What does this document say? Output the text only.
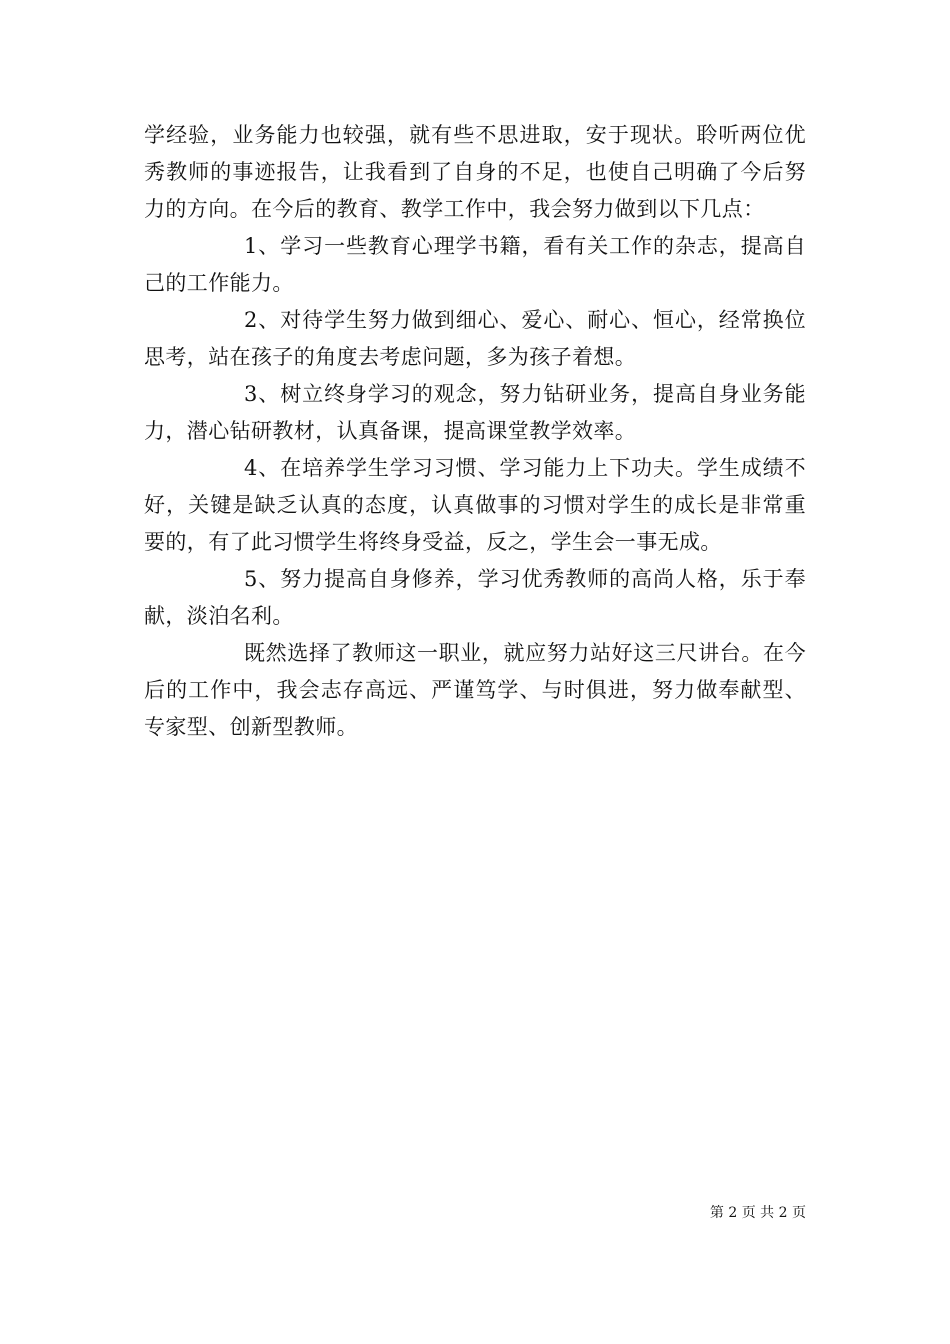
学经验，业务能力也较强，就有些不思进取，安于现状。聆听两位优秀教师的事迹报告，让我看到了自身的不足，也使自己明确了今后努力的方向。在今后的教育、教学工作中，我会努力做到以下几点：

1、学习一些教育心理学书籍，看有关工作的杂志，提高自己的工作能力。

2、对待学生努力做到细心、爱心、耐心、恒心，经常换位思考，站在孩子的角度去考虑问题，多为孩子着想。

3、树立终身学习的观念，努力钻研业务，提高自身业务能力，潜心钻研教材，认真备课，提高课堂教学效率。

4、在培养学生学习习惯、学习能力上下功夫。学生成绩不好，关键是缺乏认真的态度，认真做事的习惯对学生的成长是非常重要的，有了此习惯学生将终身受益，反之，学生会一事无成。

5、努力提高自身修养，学习优秀教师的高尚人格，乐于奉献，淡泊名利。

既然选择了教师这一职业，就应努力站好这三尺讲台。在今后的工作中，我会志存高远、严谨笃学、与时俱进，努力做奉献型、专家型、创新型教师。

第 2 页 共 2 页
